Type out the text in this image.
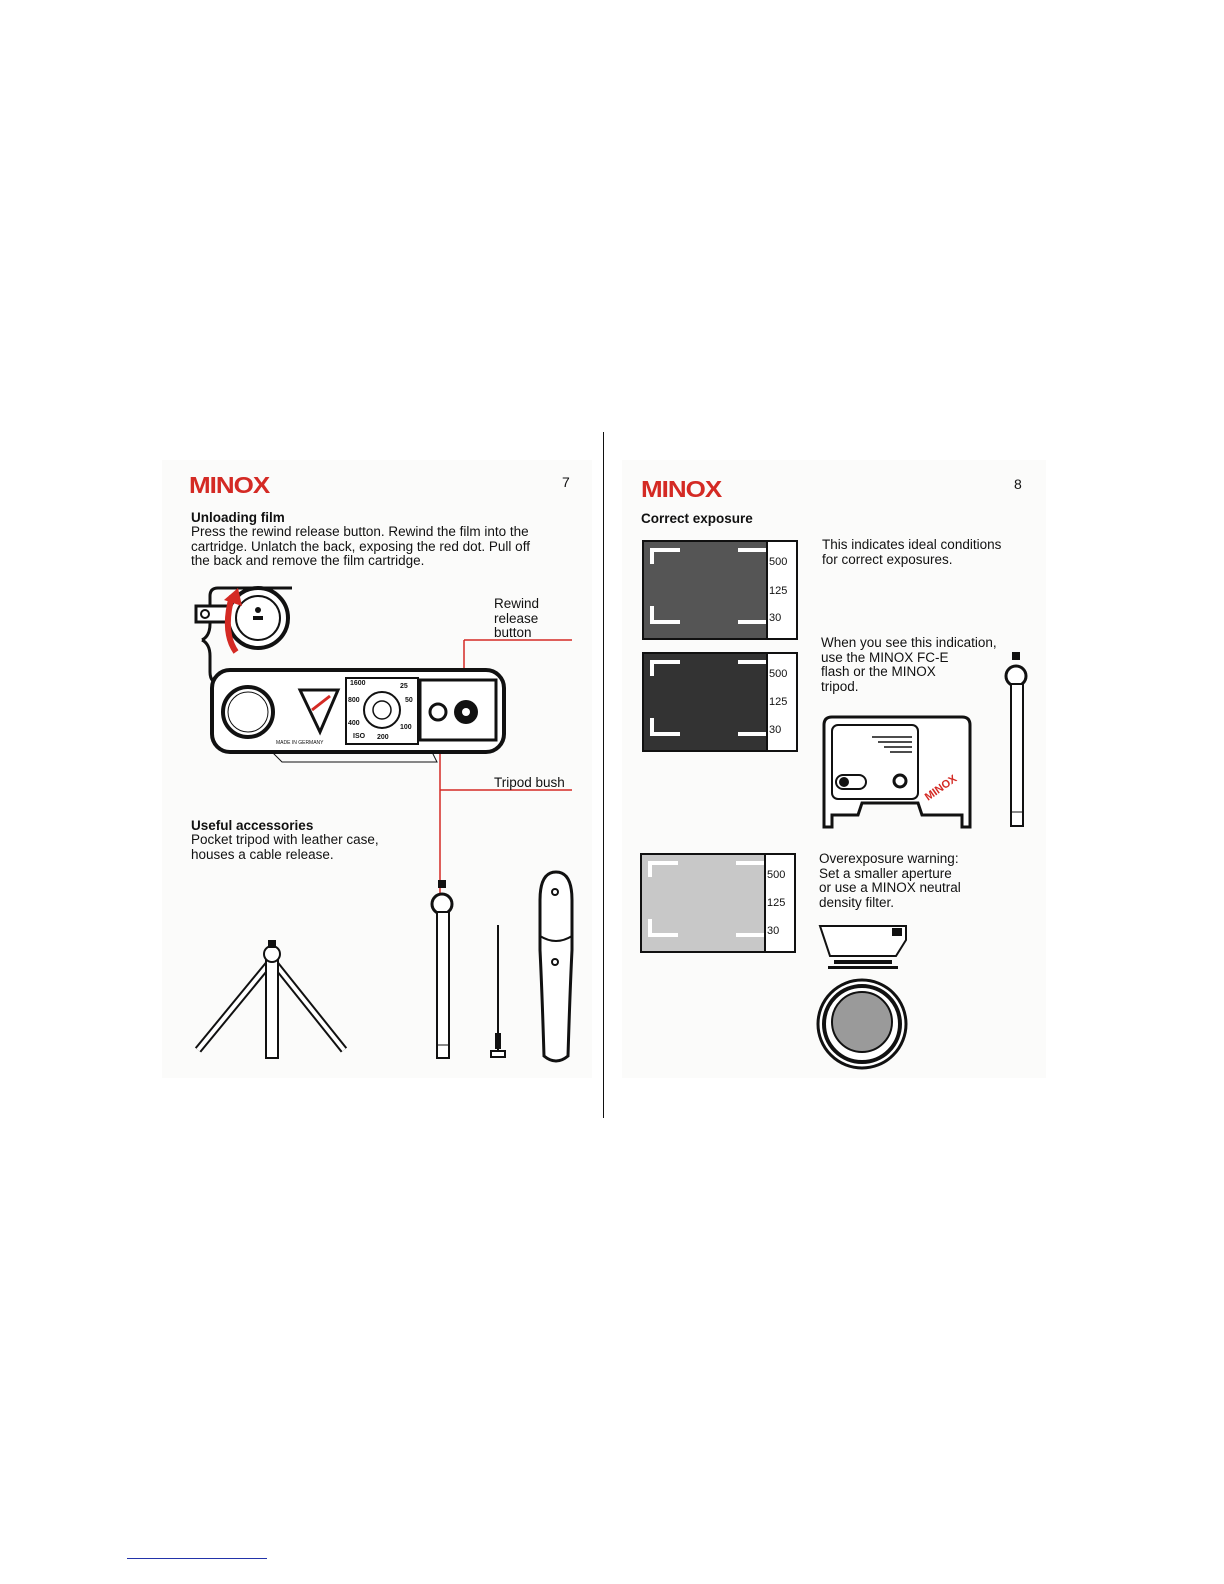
MINOX	7
Unloading film
Press the rewind release button. Rewind the film into the
cartridge. Unlatch the back, exposing the red dot. Pull off
the back and remove the film cartridge.
Rewind
release
button
1600	25
800	50
400
100
ISO 200
MADE IN GERMANY
Tripod bush
Useful accessories
Pocket tripod with leather case,
houses a cable release.
MINOX	8
Correct exposure
500
125
30
This indicates ideal conditions
for correct exposures.
500
125
30
When you see this indication,
use the MINOX FC-E
flash or the MINOX
tripod.
MINOX
500
125
30
Overexposure warning:
Set a smaller aperture
or use a MINOX neutral
density filter.
